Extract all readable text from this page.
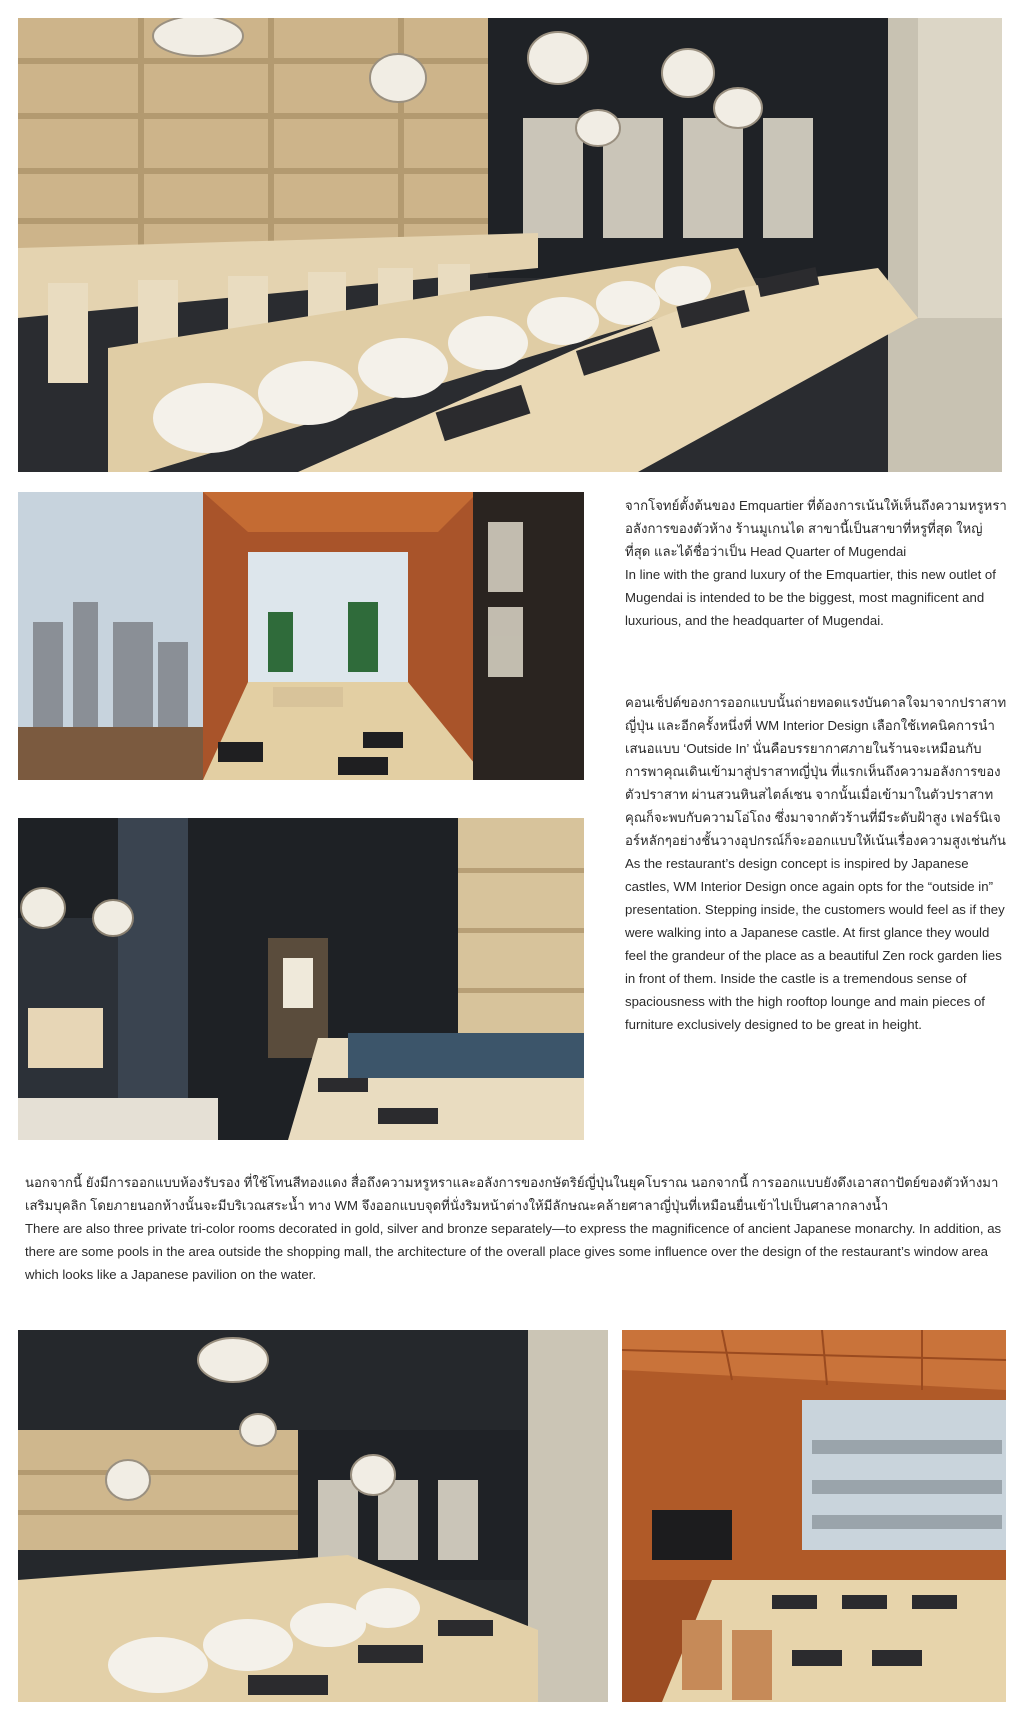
จากโจทย์ตั้งต้นของ Emquartier ที่ต้องการเน้นให้เห็นถึงความหรูหรา อลังการของตัวห้าง ร้านมูเกนได สาขานี้เป็นสาขาที่หรูที่สุด ใหญ่ที่สุด และได้ชื่อว่าเป็น Head Quarter of Mugendai

In line with the grand luxury of the Emquartier, this new outlet of Mugendai is intended to be the biggest, most magnificent and luxurious, and the headquarter of Mugendai.

คอนเซ็ปต์ของการออกแบบนั้นถ่ายทอดแรงบันดาลใจมาจากปราสาทญี่ปุ่น และอีกครั้งหนึ่งที่ WM Interior Design เลือกใช้เทคนิคการนำเสนอแบบ ‘Outside In’ นั่นคือบรรยากาศภายในร้านจะเหมือนกับการพาคุณเดินเข้ามาสู่ปราสาทญี่ปุ่น ที่แรกเห็นถึงความอลังการของตัวปราสาท ผ่านสวนหินสไตล์เซน จากนั้นเมื่อเข้ามาในตัวปราสาท คุณก็จะพบกับความโอ่โถง ซึ่งมาจากตัวร้านที่มีระดับฝ้าสูง เฟอร์นิเจอร์หลักๆอย่างชั้นวางอุปกรณ์ก็จะออกแบบให้เน้นเรื่องความสูงเช่นกัน

As the restaurant’s design concept is inspired by Japanese castles, WM Interior Design once again opts for the “outside in” presentation. Stepping inside, the customers would feel as if they were walking into a Japanese castle. At first glance they would feel the grandeur of the place as a beautiful Zen rock garden lies in front of them. Inside the castle is a tremendous sense of spaciousness with the high rooftop lounge and main pieces of furniture exclusively designed to be great in height.

นอกจากนี้ ยังมีการออกแบบห้องรับรอง ที่ใช้โทนสีทองแดง สื่อถึงความหรูหราและอลังการของกษัตริย์ญี่ปุ่นในยุคโบราณ นอกจากนี้ การออกแบบยังดึงเอาสถาปัตย์ของตัวห้างมาเสริมบุคลิก โดยภายนอกห้างนั้นจะมีบริเวณสระน้ำ ทาง WM จึงออกแบบจุดที่นั่งริมหน้าต่างให้มีลักษณะคล้ายศาลาญี่ปุ่นที่เหมือนยื่นเข้าไปเป็นศาลากลางน้ำ

There are also three private tri-color rooms decorated in gold, silver and bronze separately—to express the magnificence of ancient Japanese monarchy. In addition, as there are some pools in the area outside the shopping mall, the architecture of the overall place gives some influence over the design of the restaurant’s window area which looks like a Japanese pavilion on the water.
